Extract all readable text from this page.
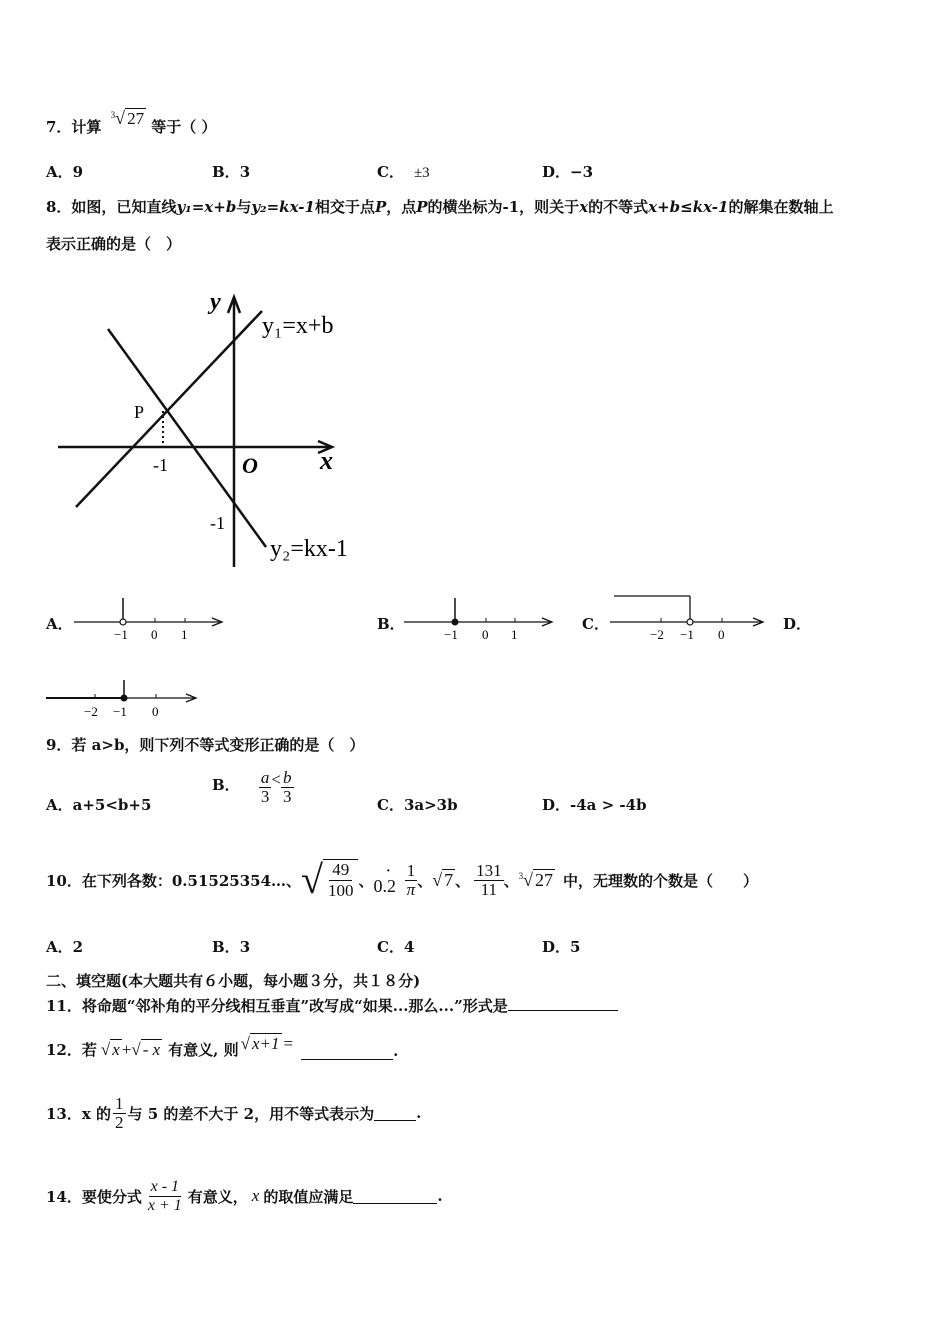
7．计算 $^3$√ 27 等于（ ）
A．9	B．3	C． ±3	D．−3
8．如图，已知直线y₁=x+b与y₂=kx-1相交于点P，点P的横坐标为-1，则关于x的不等式x+b≤kx-1的解集在数轴上
表示正确的是（　）
y
x
O
P
-1
-1
y₁=x+b
y₂=kx-1
A．
−1 0 1
B．
−1 0 1
C．
−2 −1 0
D．
−2 −1 0
9．若 a>b，则下列不等式变形正确的是（　）
A．a+5<b+5
B． $\frac{a}{3} < \frac{b}{3}$	C．3a>3b	D．-4a > -4b
10．在下列各数：0.51525354…、 √ 49
100
、 0.2
· $\frac{1}{\pi}$ 、 √ 7 、 $\frac{131}{11}$ 、 $^3$√ 27 中，无理数的个数是（　　）
A．2	B．3	C．4	D．5
二、填空题(本大题共有６小题，每小题３分，共１８分)
11．将命题“邻补角的平分线相互垂直”改写成“如果...那么...”形式是
12．若 √ x + √ - x 有意义, 则 √ x+1 =	.
13．x 的 $\frac{1}{2}$ 与 5 的差不大于 2，用不等式表示为	.
14．要使分式 $\frac{x - 1}{x + 1}$ 有意义， x 的取值应满足	.
